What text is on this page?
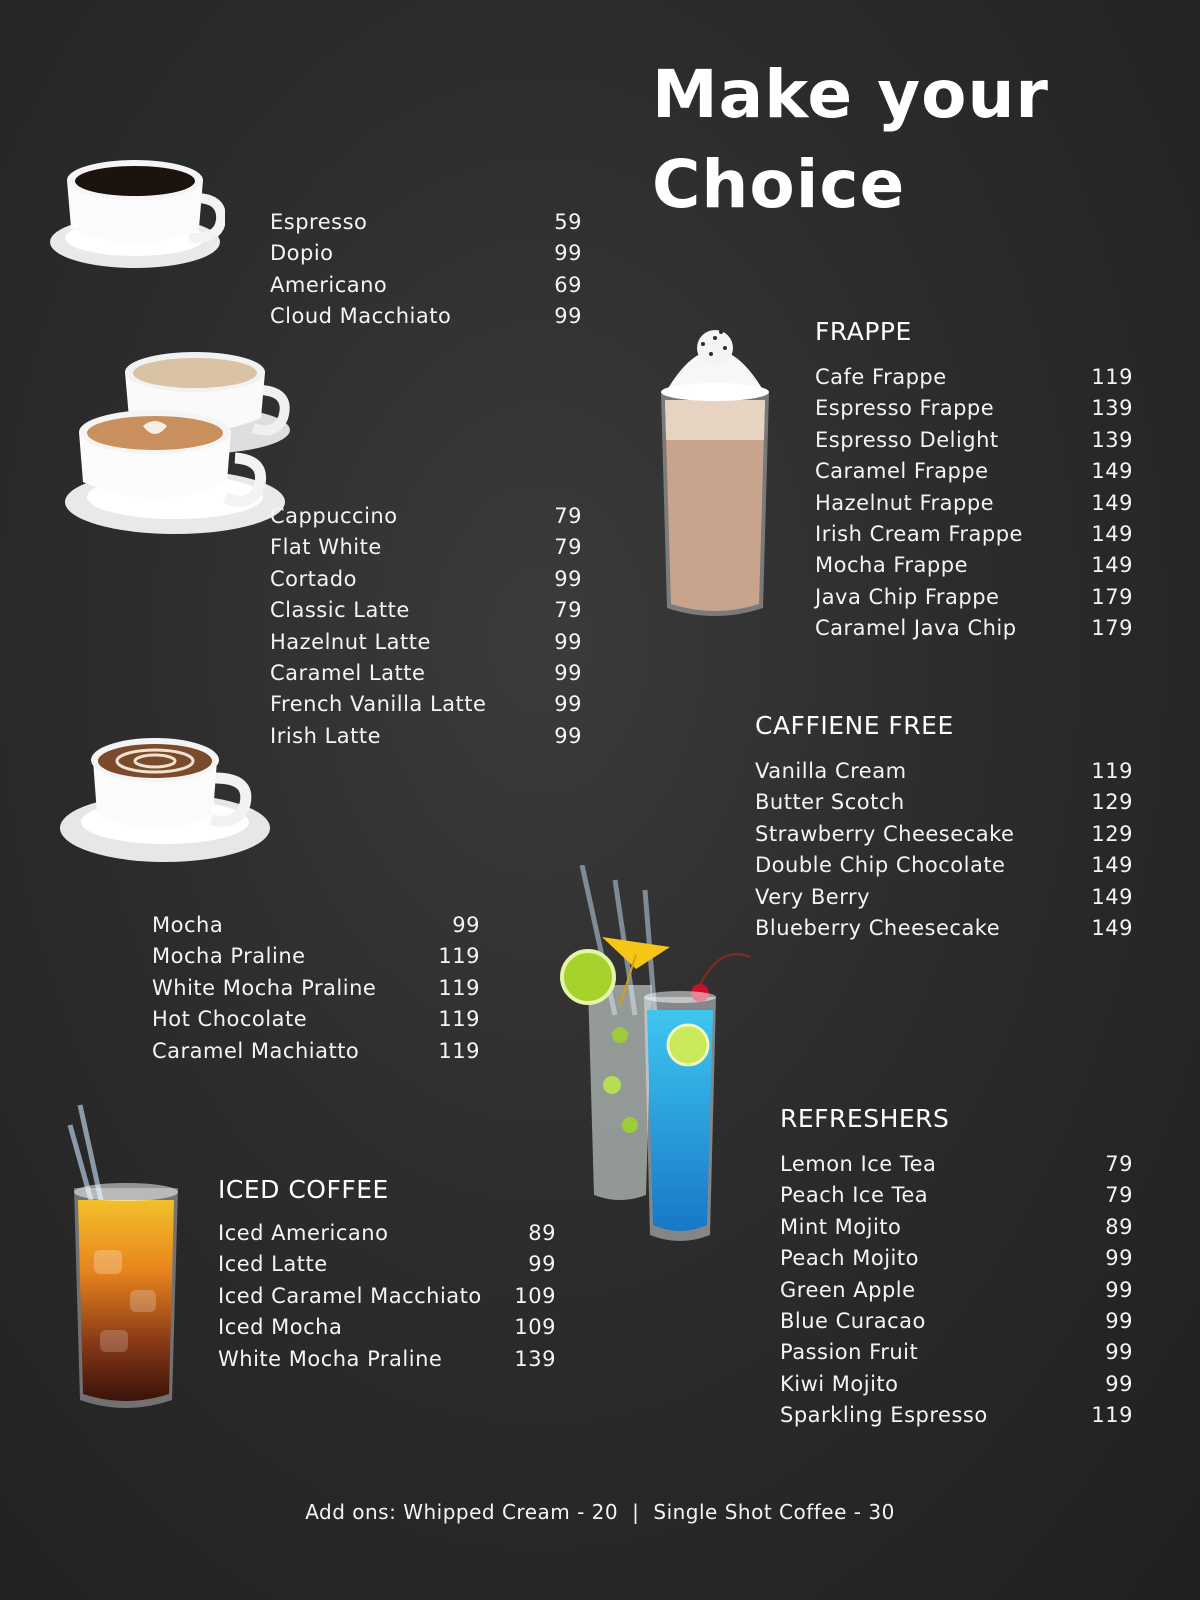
Make your
Choice
Espresso	59
Dopio	99
Americano	69
Cloud Macchiato	99
Cappuccino	79
Flat White	79
Cortado	99
Classic Latte	79
Hazelnut Latte	99
Caramel Latte	99
French Vanilla Latte	99
Irish Latte	99
Mocha	99
Mocha Praline	119
White Mocha Praline	119
Hot Chocolate	119
Caramel Machiatto	119
ICED COFFEE
Iced Americano	89
Iced Latte	99
Iced Caramel Macchiato 109
Iced Mocha	109
White Mocha Praline	139
FRAPPE
Cafe Frappe	119
Espresso Frappe	139
Espresso Delight	139
Caramel Frappe	149
Hazelnut Frappe	149
Irish Cream Frappe	149
Mocha Frappe	149
Java Chip Frappe	179
Caramel Java Chip	179
CAFFIENE FREE
Vanilla Cream	119
Butter Scotch	129
Strawberry Cheesecake	129
Double Chip Chocolate	149
Very Berry	149
Blueberry Cheesecake	149
REFRESHERS
Lemon Ice Tea	79
Peach Ice Tea	79
Mint Mojito	89
Peach Mojito	99
Green Apple	99
Blue Curacao	99
Passion Fruit	99
Kiwi Mojito	99
Sparkling Espresso	119
Add ons: Whipped Cream - 20 | Single Shot Coffee - 30
